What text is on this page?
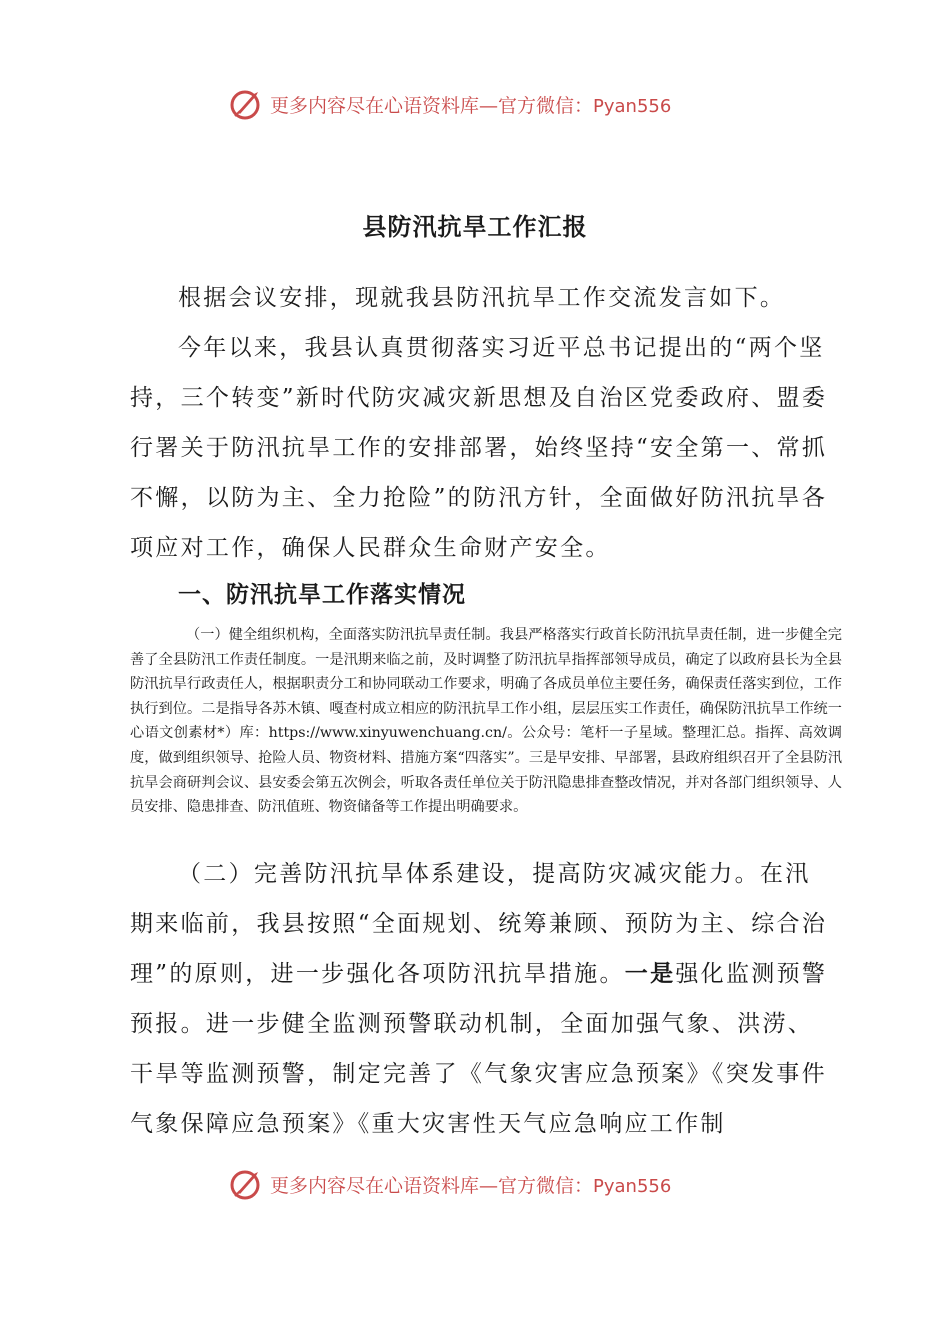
更多内容尽在心语资料库—官方微信：Pyan556
县防汛抗旱工作汇报

根据会议安排，现就我县防汛抗旱工作交流发言如下。

今年以来，我县认真贯彻落实习近平总书记提出的“两个坚持，三个转变”新时代防灾减灾新思想及自治区党委政府、盟委行署关于防汛抗旱工作的安排部署，始终坚持“安全第一、常抓不懈，以防为主、全力抢险”的防汛方针，全面做好防汛抗旱各项应对工作，确保人民群众生命财产安全。

一、防汛抗旱工作落实情况

（一）健全组织机构，全面落实防汛抗旱责任制。我县严格落实行政首长防汛抗旱责任制，进一步健全完善了全县防汛工作责任制度。一是汛期来临之前，及时调整了防汛抗旱指挥部领导成员，确定了以政府县长为全县防汛抗旱行政责任人，根据职责分工和协同联动工作要求，明确了各成员单位主要任务，确保责任落实到位，工作执行到位。二是指导各苏木镇、嘎查村成立相应的防汛抗旱工作小组，层层压实工作责任，确保防汛抗旱工作统一心语文创素材*）库：https://www.xinyuwenchuang.cn/。公众号：笔杆一子星域。整理汇总。指挥、高效调度，做到组织领导、抢险人员、物资材料、措施方案“四落实”。三是早安排、早部署，县政府组织召开了全县防汛抗旱会商研判会议、县安委会第五次例会，听取各责任单位关于防汛隐患排查整改情况，并对各部门组织领导、人员安排、隐患排查、防汛值班、物资储备等工作提出明确要求。

（二）完善防汛抗旱体系建设，提高防灾减灾能力。在汛期来临前，我县按照“全面规划、统筹兼顾、预防为主、综合治理”的原则，进一步强化各项防汛抗旱措施。一是强化监测预警预报。进一步健全监测预警联动机制，全面加强气象、洪涝、干旱等监测预警，制定完善了《气象灾害应急预案》《突发事件气象保障应急预案》《重大灾害性天气应急响应工作制

更多内容尽在心语资料库—官方微信：Pyan556
